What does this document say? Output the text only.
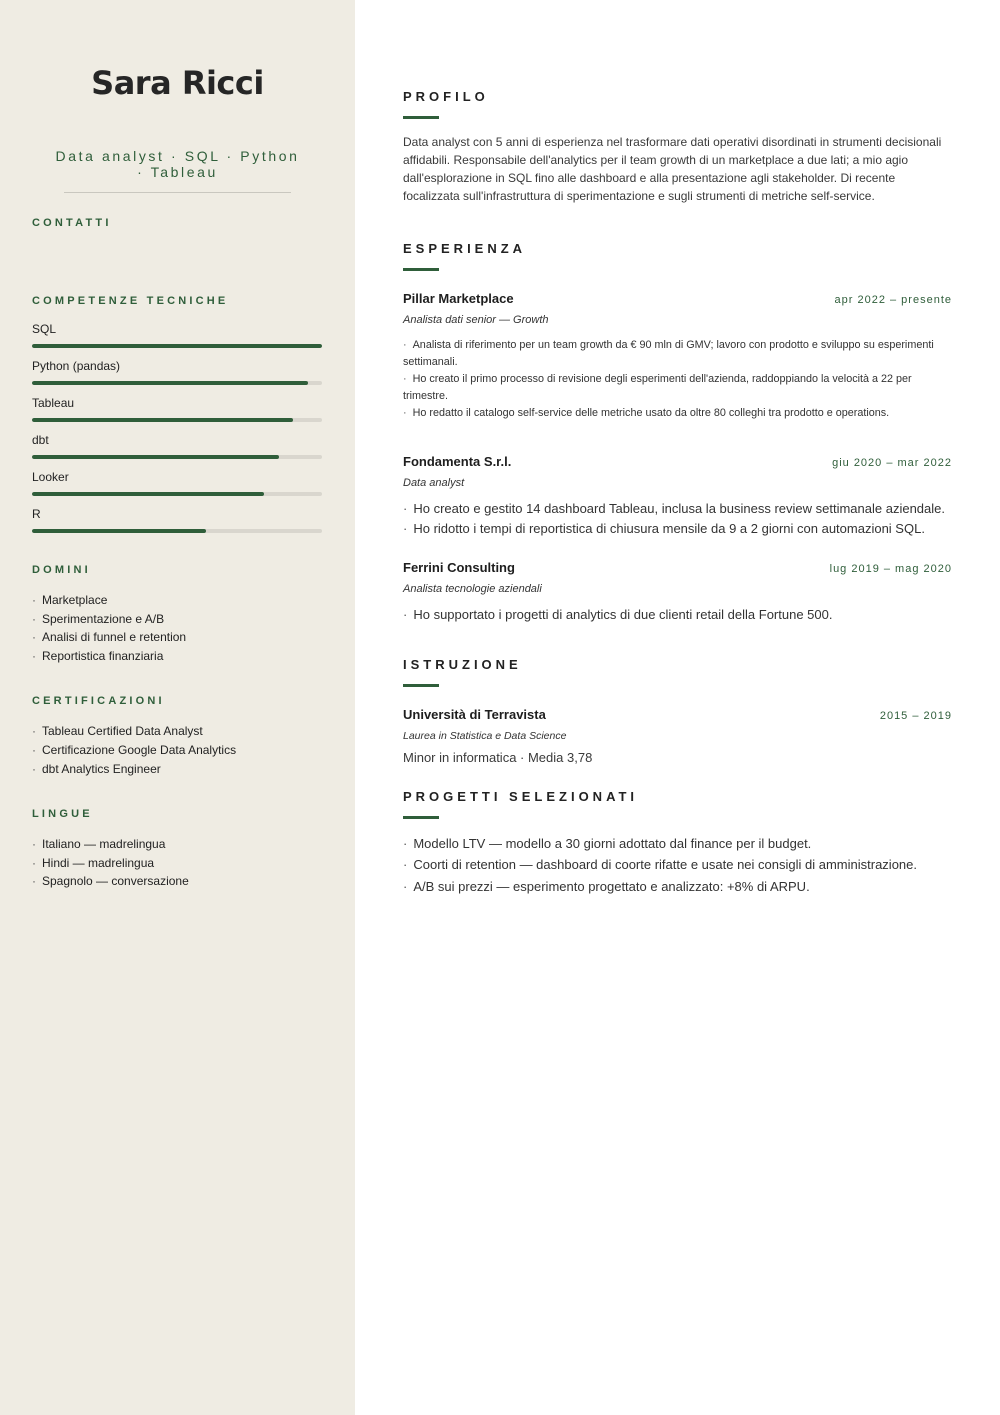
Sara Ricci
Data analyst · SQL · Python · Tableau
CONTATTI
COMPETENZE TECNICHE
SQL
Python (pandas)
Tableau
dbt
Looker
R
DOMINI
· Marketplace
· Sperimentazione e A/B
· Analisi di funnel e retention
· Reportistica finanziaria
CERTIFICAZIONI
· Tableau Certified Data Analyst
· Certificazione Google Data Analytics
· dbt Analytics Engineer
LINGUE
· Italiano — madrelingua
· Hindi — madrelingua
· Spagnolo — conversazione
PROFILO

Data analyst con 5 anni di esperienza nel trasformare dati operativi disordinati in strumenti decisionali affidabili. Responsabile dell'analytics per il team growth di un marketplace a due lati; a mio agio dall'esplorazione in SQL fino alle dashboard e alla presentazione agli stakeholder. Di recente focalizzata sull'infrastruttura di sperimentazione e sugli strumenti di metriche self-service.

ESPERIENZA
Pillar Marketplace	apr 2022 – presente
Analista dati senior — Growth
· Analista di riferimento per un team growth da € 90 mln di GMV; lavoro con prodotto e sviluppo su esperimenti settimanali.
· Ho creato il primo processo di revisione degli esperimenti dell'azienda, raddoppiando la velocità a 22 per trimestre.
· Ho redatto il catalogo self-service delle metriche usato da oltre 80 colleghi tra prodotto e operations.
Fondamenta S.r.l.	giu 2020 – mar 2022
Data analyst
· Ho creato e gestito 14 dashboard Tableau, inclusa la business review settimanale aziendale.
· Ho ridotto i tempi di reportistica di chiusura mensile da 9 a 2 giorni con automazioni SQL.
Ferrini Consulting	lug 2019 – mag 2020
Analista tecnologie aziendali
· Ho supportato i progetti di analytics di due clienti retail della Fortune 500.
ISTRUZIONE
Università di Terravista	2015 – 2019
Laurea in Statistica e Data Science
Minor in informatica · Media 3,78
PROGETTI SELEZIONATI
· Modello LTV — modello a 30 giorni adottato dal finance per il budget.
· Coorti di retention — dashboard di coorte rifatte e usate nei consigli di amministrazione.
· A/B sui prezzi — esperimento progettato e analizzato: +8% di ARPU.
